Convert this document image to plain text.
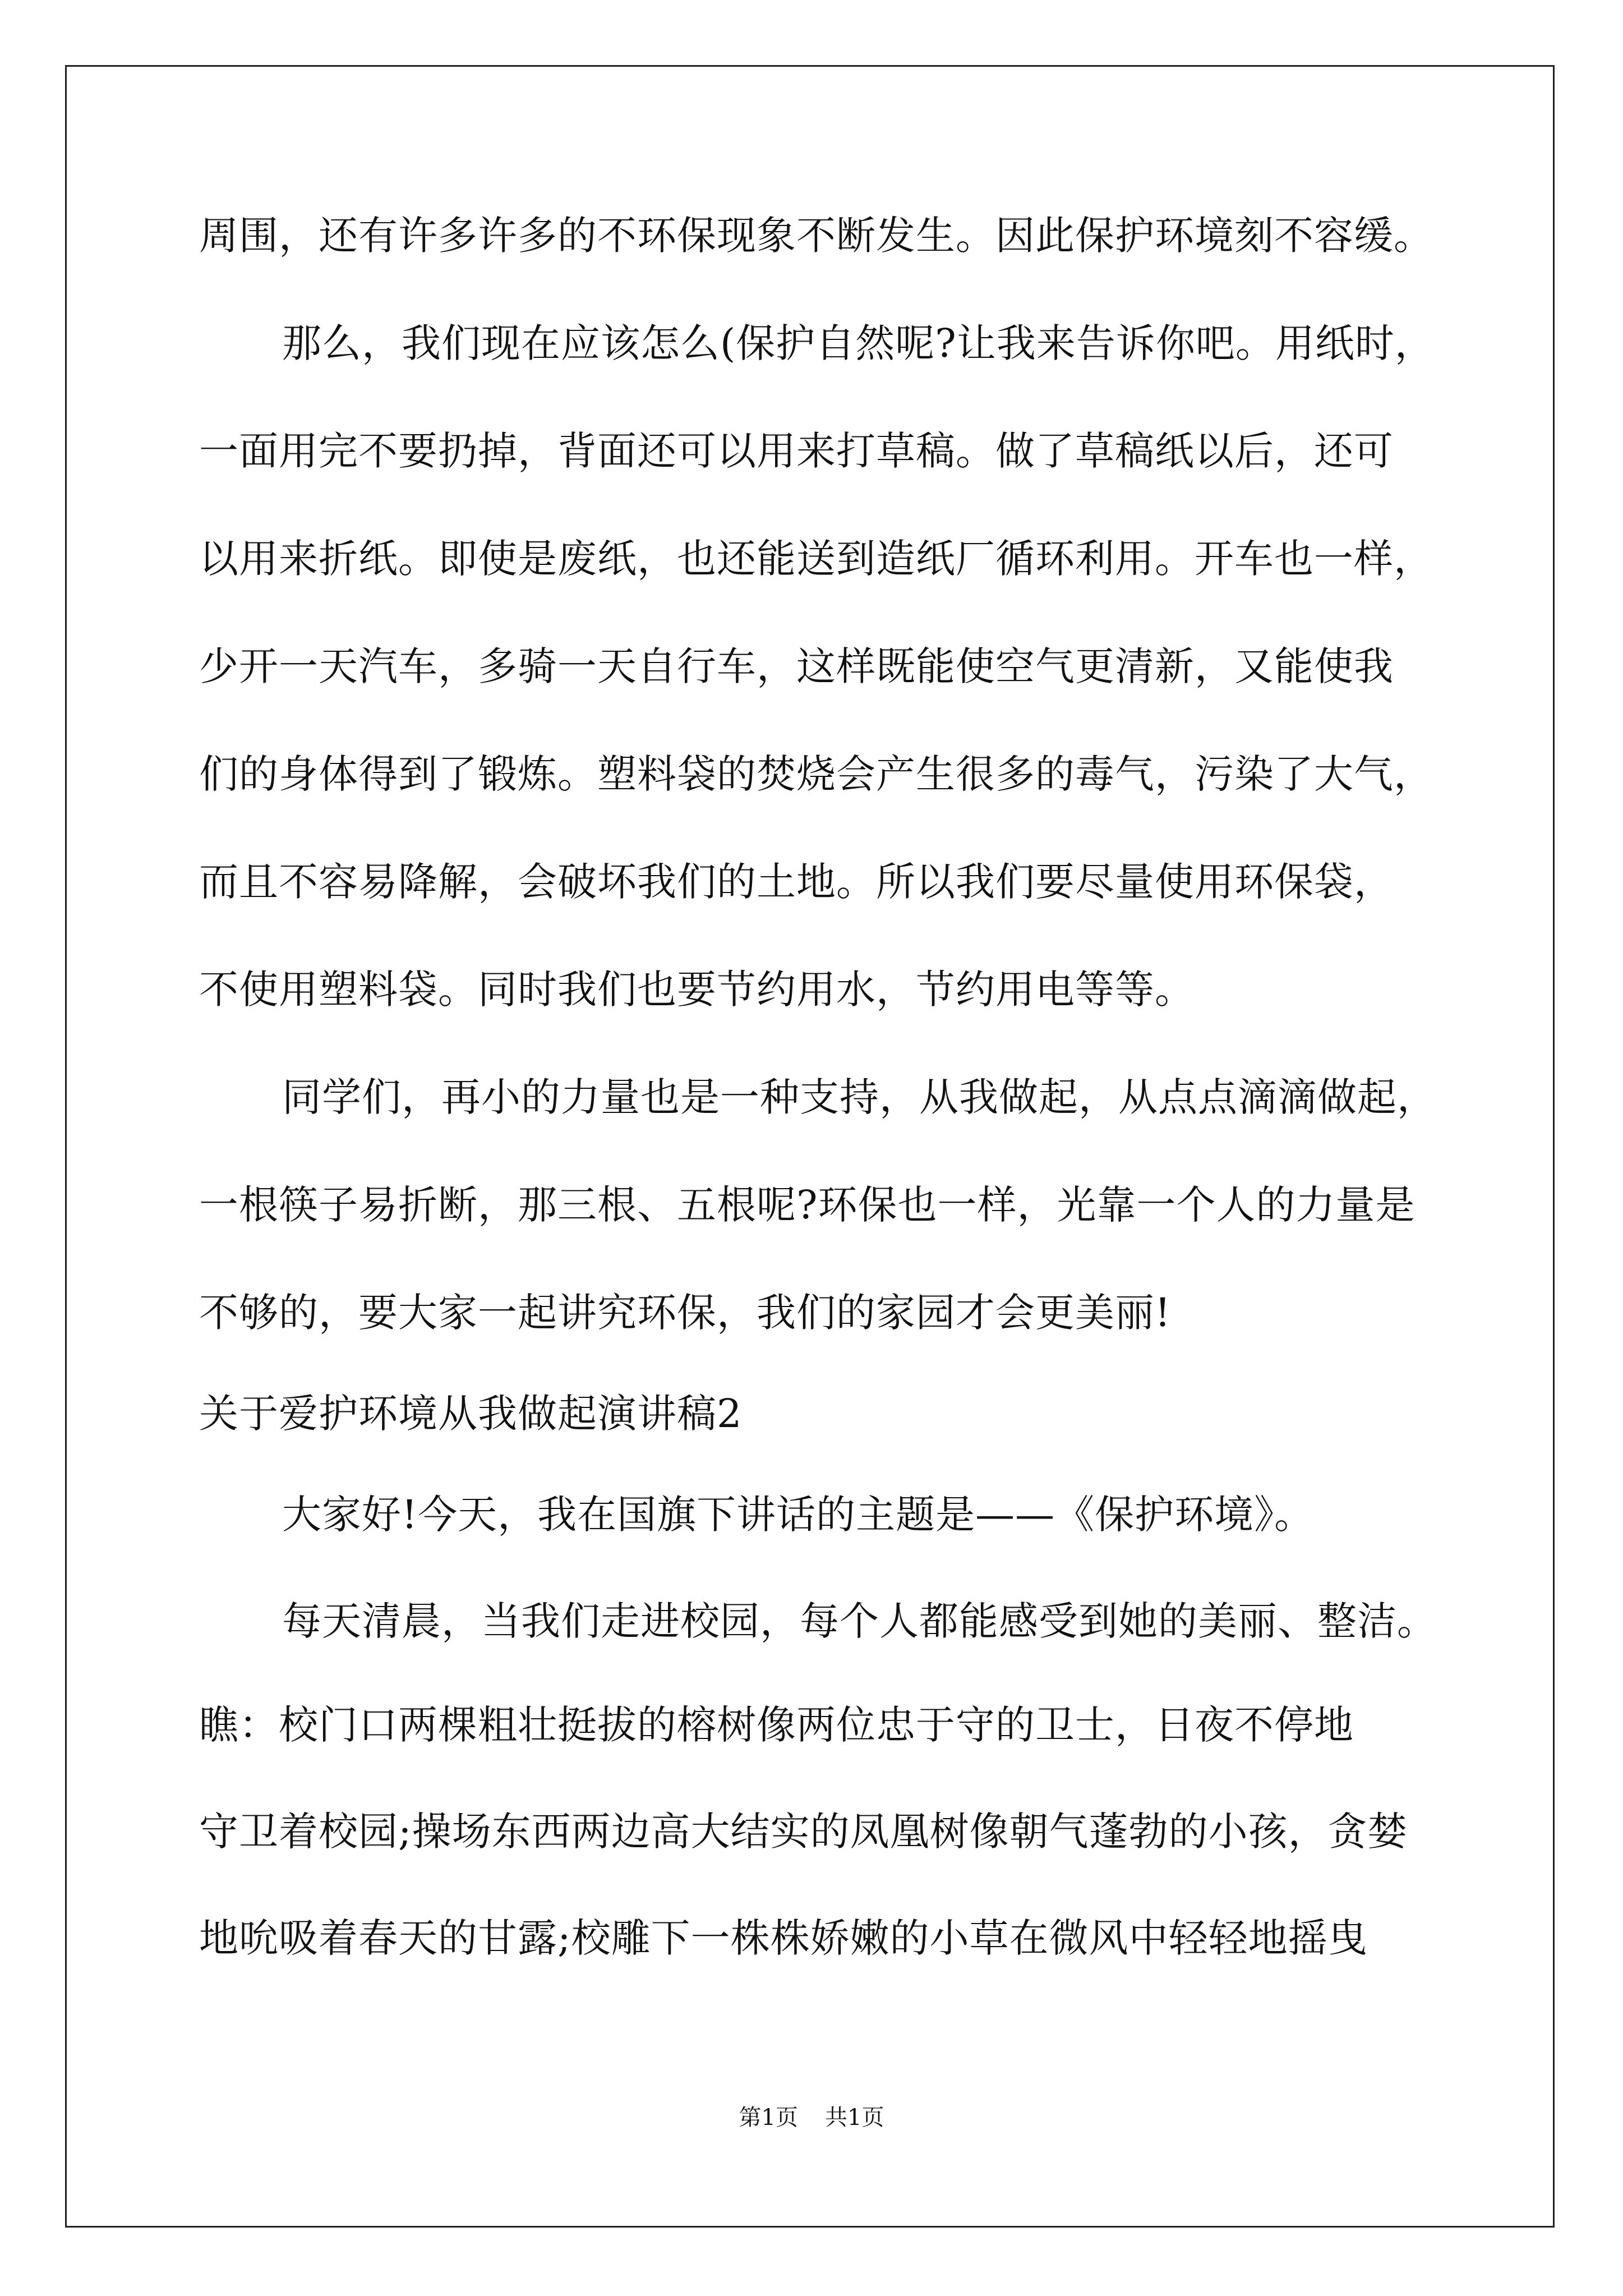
周围，还有许多许多的不环保现象不断发生。因此保护环境刻不容缓。
那么，我们现在应该怎么(保护自然呢?让我来告诉你吧。用纸时，
一面用完不要扔掉，背面还可以用来打草稿。做了草稿纸以后，还可
以用来折纸。即使是废纸，也还能送到造纸厂循环利用。开车也一样，
少开一天汽车，多骑一天自行车，这样既能使空气更清新，又能使我
们的身体得到了锻炼。塑料袋的焚烧会产生很多的毒气，污染了大气，
而且不容易降解，会破坏我们的土地。所以我们要尽量使用环保袋，
不使用塑料袋。同时我们也要节约用水，节约用电等等。
同学们，再小的力量也是一种支持，从我做起，从点点滴滴做起，
一根筷子易折断，那三根、五根呢?环保也一样，光靠一个人的力量是
不够的，要大家一起讲究环保，我们的家园才会更美丽!
关于爱护环境从我做起演讲稿2
大家好!今天，我在国旗下讲话的主题是——《保护环境》。
每天清晨，当我们走进校园，每个人都能感受到她的美丽、整洁。
瞧：校门口两棵粗壮挺拔的榕树像两位忠于守的卫士，日夜不停地
守卫着校园;操场东西两边高大结实的凤凰树像朝气蓬勃的小孩，贪婪
地吮吸着春天的甘露;校雕下一株株娇嫩的小草在微风中轻轻地摇曳
第1页 共1页
